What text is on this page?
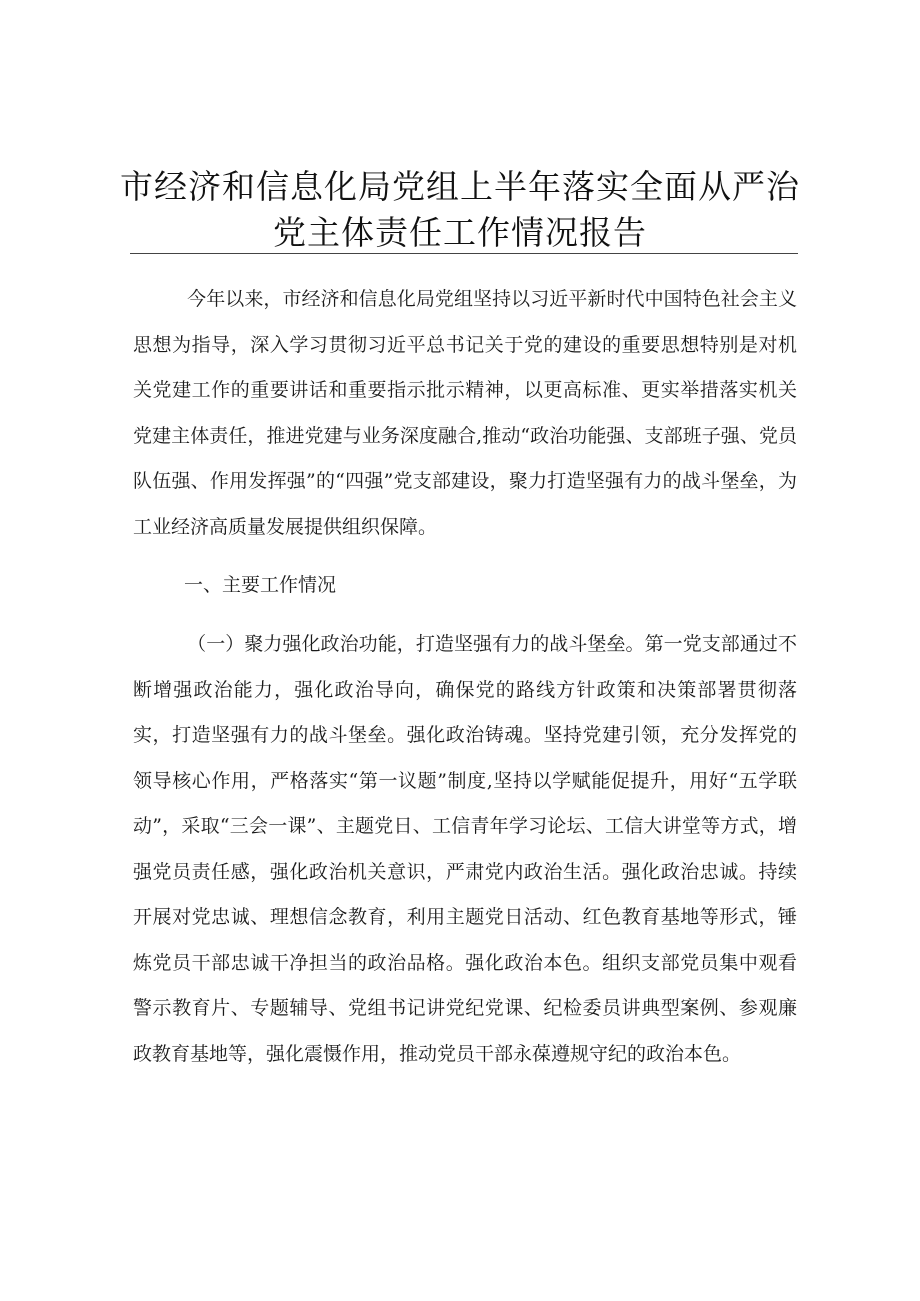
市经济和信息化局党组上半年落实全面从严治
党主体责任工作情况报告

今年以来，市经济和信息化局党组坚持以习近平新时代中国特色社会主义思想为指导，深入学习贯彻习近平总书记关于党的建设的重要思想特别是对机关党建工作的重要讲话和重要指示批示精神，以更高标准、更实举措落实机关党建主体责任，推进党建与业务深度融合,推动“政治功能强、支部班子强、党员队伍强、作用发挥强”的“四强”党支部建设，聚力打造坚强有力的战斗堡垒，为工业经济高质量发展提供组织保障。

一、主要工作情况

（一）聚力强化政治功能，打造坚强有力的战斗堡垒。第一党支部通过不断增强政治能力，强化政治导向，确保党的路线方针政策和决策部署贯彻落实，打造坚强有力的战斗堡垒。强化政治铸魂。坚持党建引领，充分发挥党的领导核心作用，严格落实“第一议题”制度,坚持以学赋能促提升，用好“五学联动”，采取“三会一课”、主题党日、工信青年学习论坛、工信大讲堂等方式，增强党员责任感，强化政治机关意识，严肃党内政治生活。强化政治忠诚。持续开展对党忠诚、理想信念教育，利用主题党日活动、红色教育基地等形式，锤炼党员干部忠诚干净担当的政治品格。强化政治本色。组织支部党员集中观看警示教育片、专题辅导、党组书记讲党纪党课、纪检委员讲典型案例、参观廉政教育基地等，强化震慑作用，推动党员干部永葆遵规守纪的政治本色。
